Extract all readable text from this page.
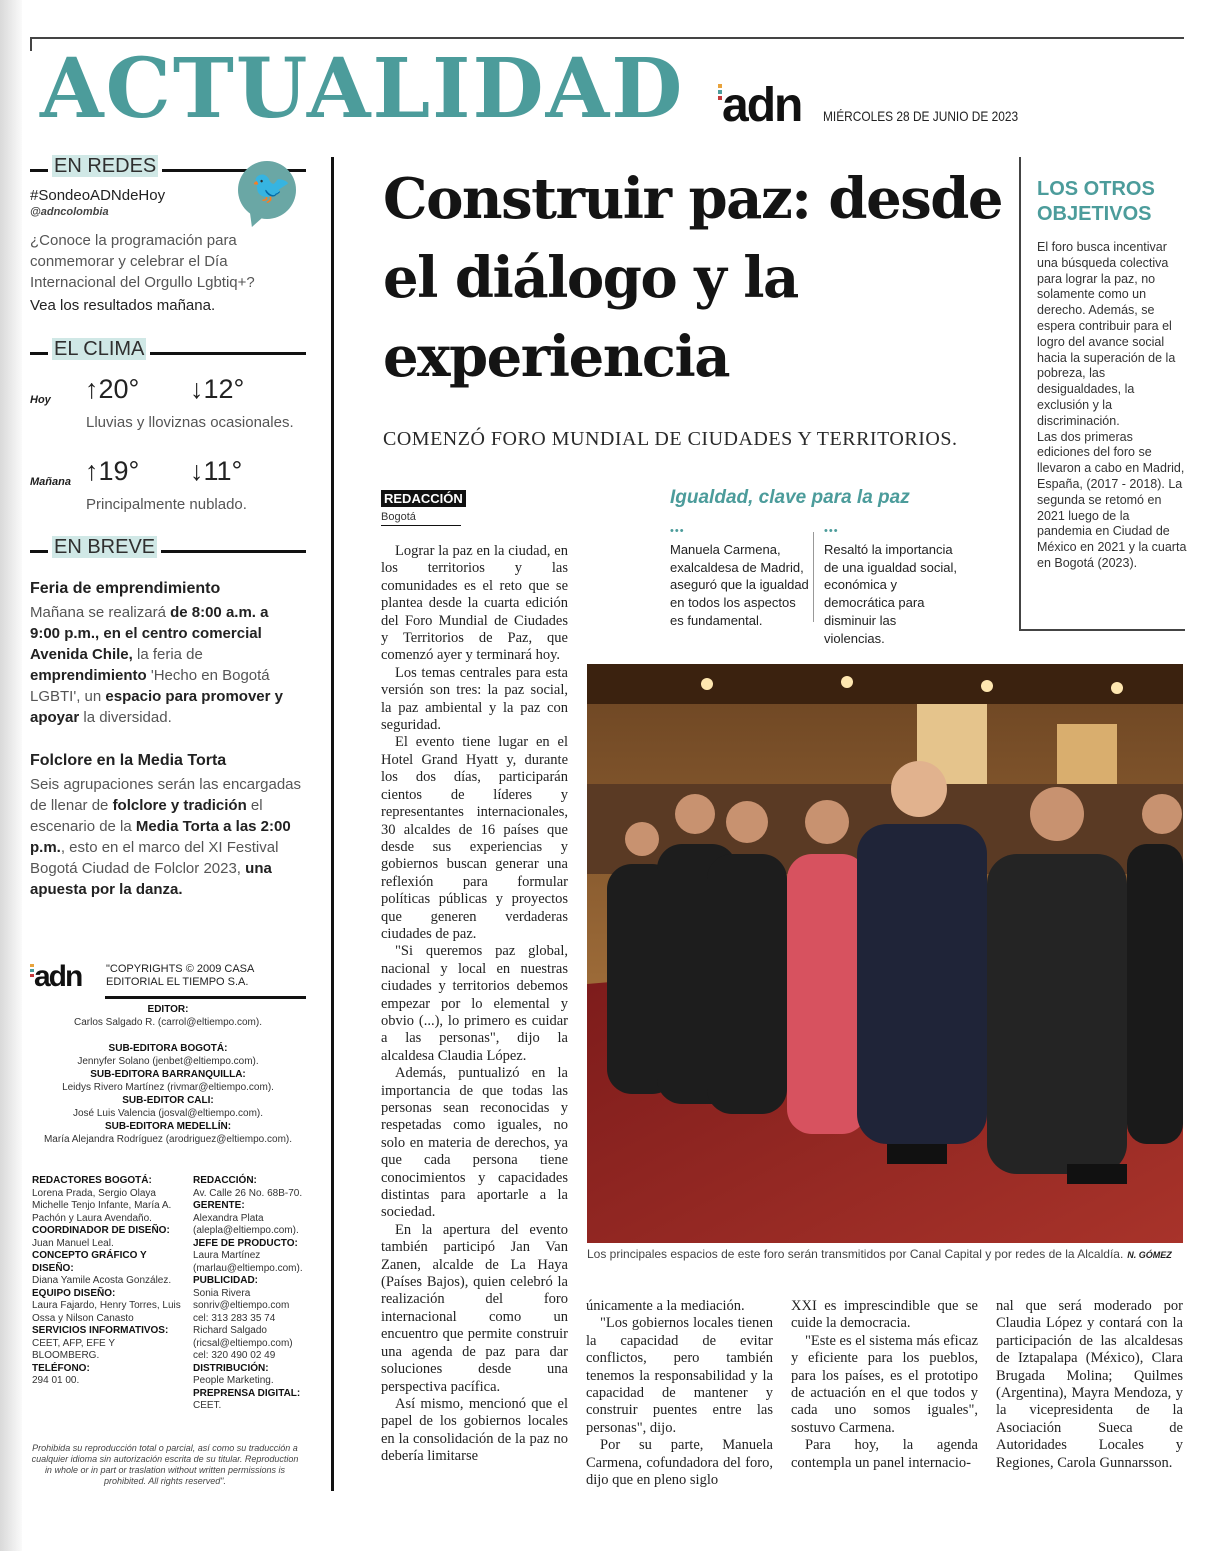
ACTUALIDAD adn MIÉRCOLES 28 DE JUNIO DE 2023
EN REDES
#SondeoADNdeHoy
@adncolombia
¿Conoce la programación para conmemorar y celebrar el Día Internacional del Orgullo Lgbtiq+?
Vea los resultados mañana.
EL CLIMA
Hoy ↑20° ↓12°
Lluvias y lloviznas ocasionales.
Mañana ↑19° ↓11°
Principalmente nublado.
EN BREVE
Feria de emprendimiento
Mañana se realizará de 8:00 a.m. a 9:00 p.m., en el centro comercial Avenida Chile, la feria de emprendimiento 'Hecho en Bogotá LGBTI', un espacio para promover y apoyar la diversidad.
Folclore en la Media Torta
Seis agrupaciones serán las encargadas de llenar de folclore y tradición el escenario de la Media Torta a las 2:00 p.m., esto en el marco del XI Festival Bogotá Ciudad de Folclor 2023, una apuesta por la danza.
🐦
adn "COPYRIGHTS © 2009 CASA EDITORIAL EL TIEMPO S.A.
EDITOR:
Carlos Salgado R. (carrol@eltiempo.com).

SUB-EDITORA BOGOTÁ:
Jennyfer Solano (jenbet@eltiempo.com).
SUB-EDITORA BARRANQUILLA:
Leidys Rivero Martínez (rivmar@eltiempo.com).
SUB-EDITOR CALI:
José Luis Valencia (josval@eltiempo.com).
SUB-EDITORA MEDELLÍN:
María Alejandra Rodríguez (arodriguez@eltiempo.com).
REDACTORES BOGOTÁ:
Lorena Prada, Sergio Olaya Michelle Tenjo Infante, María A. Pachón y Laura Avendaño.
COORDINADOR DE DISEÑO:
Juan Manuel Leal.
CONCEPTO GRÁFICO Y DISEÑO:
Diana Yamile Acosta González.
EQUIPO DISEÑO:
Laura Fajardo, Henry Torres, Luis Ossa y Nilson Canasto
SERVICIOS INFORMATIVOS:
CEET, AFP, EFE Y BLOOMBERG.
TELÉFONO:
294 01 00.
REDACCIÓN:
Av. Calle 26 No. 68B-70.
GERENTE:
Alexandra Plata (alepla@eltiempo.com).
JEFE DE PRODUCTO:
Laura Martínez (marlau@eltiempo.com).
PUBLICIDAD:
Sonia Rivera sonriv@eltiempo.com cel: 313 283 35 74 Richard Salgado (ricsal@eltiempo.com) cel: 320 490 02 49
DISTRIBUCIÓN:
People Marketing.
PREPRENSA DIGITAL:
CEET.
Prohibida su reproducción total o parcial, así como su traducción a cualquier idioma sin autorización escrita de su titular. Reproduction in whole or in part or traslation without written permissions is prohibited. All rights reserved".
Construir paz: desde el diálogo y la experiencia
COMENZÓ FORO MUNDIAL DE CIUDADES Y TERRITORIOS.
LOS OTROS OBJETIVOS
El foro busca incentivar una búsqueda colectiva para lograr la paz, no solamente como un derecho. Además, se espera contribuir para el logro del avance social hacia la superación de la pobreza, las desigualdades, la exclusión y la discriminación.
Las dos primeras ediciones del foro se llevaron a cabo en Madrid, España, (2017 - 2018). La segunda se retomó en 2021 luego de la pandemia en Ciudad de México en 2021 y la cuarta en Bogotá (2023).
REDACCIÓN
Bogotá
Igualdad, clave para la paz
•••
Manuela Carmena, exalcaldesa de Madrid, aseguró que la igualdad en todos los aspectos es fundamental.
•••
Resaltó la importancia de una igualdad social, económica y democrática para disminuir las violencias.

Lograr la paz en la ciudad, en los territorios y las comunidades es el reto que se plantea desde la cuarta edición del Foro Mundial de Ciudades y Territorios de Paz, que comenzó ayer y terminará hoy.

Los temas centrales para esta versión son tres: la paz social, la paz ambiental y la paz con seguridad.

El evento tiene lugar en el Hotel Grand Hyatt y, durante los dos días, participarán cientos de líderes y representantes internacionales, 30 alcaldes de 16 países que desde sus experiencias y gobiernos buscan generar una reflexión para formular políticas públicas y proyectos que generen verdaderas ciudades de paz.

"Si queremos paz global, nacional y local en nuestras ciudades y territorios debemos empezar por lo elemental y obvio (...), lo primero es cuidar a las personas", dijo la alcaldesa Claudia López.

Además, puntualizó en la importancia de que todas las personas sean reconocidas y respetadas como iguales, no solo en materia de derechos, ya que cada persona tiene conocimientos y capacidades distintas para aportarle a la sociedad.

En la apertura del evento también participó Jan Van Zanen, alcalde de La Haya (Países Bajos), quien celebró la realización del foro internacional como un encuentro que permite construir una agenda de paz para dar soluciones desde una perspectiva pacífica.

Así mismo, mencionó que el papel de los gobiernos locales en la consolidación de la paz no debería limitarse

Los principales espacios de este foro serán transmitidos por Canal Capital y por redes de la Alcaldía. N. GÓMEZ

únicamente a la mediación.

"Los gobiernos locales tienen la capacidad de evitar conflictos, pero también tenemos la responsabilidad y la capacidad de mantener y construir puentes entre las personas", dijo.

Por su parte, Manuela Carmena, cofundadora del foro, dijo que en pleno siglo

XXI es imprescindible que se cuide la democracia.

"Este es el sistema más eficaz y eficiente para los pueblos, para los países, es el prototipo de actuación en el que todos y cada uno somos iguales", sostuvo Carmena.

Para hoy, la agenda contempla un panel internacio-

nal que será moderado por Claudia López y contará con la participación de las alcaldesas de Iztapalapa (México), Clara Brugada Molina; Quilmes (Argentina), Mayra Mendoza, y la vicepresidenta de la Asociación Sueca de Autoridades Locales y Regiones, Carola Gunnarsson.
